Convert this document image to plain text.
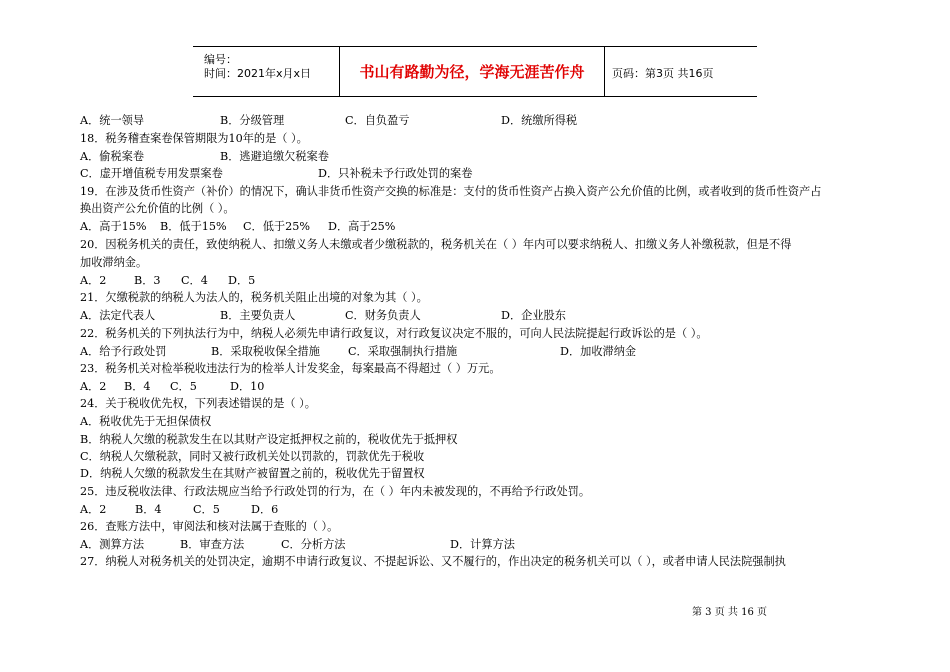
编号：
时间：2021年x月x日	书山有路勤为径，学海无涯苦作舟	页码：第3页 共16页
A．统一领导	B．分级管理	C．自负盈亏	D．统缴所得税
18．税务稽查案卷保管期限为10年的是（ ）。
A．偷税案卷	B．逃避追缴欠税案卷
C．虚开增值税专用发票案卷	D．只补税未予行政处罚的案卷
19．在涉及货币性资产（补价）的情况下，确认非货币性资产交换的标准是：支付的货币性资产占换入资产公允价值的比例，或者收到的货币性资产占
换出资产公允价值的比例（ ）。
A．高于15% B．低于15% C．低于25% D．高于25%
20．因税务机关的责任，致使纳税人、扣缴义务人未缴或者少缴税款的，税务机关在（ ）年内可以要求纳税人、扣缴义务人补缴税款，但是不得
加收滞纳金。
A．2 B．3 C．4 D．5
21．欠缴税款的纳税人为法人的，税务机关阻止出境的对象为其（ ）。
A．法定代表人	B．主要负责人	C．财务负责人	D．企业股东
22．税务机关的下列执法行为中，纳税人必须先申请行政复议，对行政复议决定不服的，可向人民法院提起行政诉讼的是（ ）。
A．给予行政处罚	B．采取税收保全措施	C．采取强制执行措施	D．加收滞纳金
23．税务机关对检举税收违法行为的检举人计发奖金，每案最高不得超过（ ）万元。
A．2 B．4 C．5	D．10
24．关于税收优先权，下列表述错误的是（ ）。
A．税收优先于无担保债权
B．纳税人欠缴的税款发生在以其财产设定抵押权之前的，税收优先于抵押权
C．纳税人欠缴税款，同时又被行政机关处以罚款的，罚款优先于税收
D．纳税人欠缴的税款发生在其财产被留置之前的，税收优先于留置权
25．违反税收法律、行政法规应当给予行政处罚的行为，在（ ）年内未被发现的，不再给予行政处罚。
A．2	B．4	C．5	D．6
26．查账方法中，审阅法和核对法属于查账的（ ）。
A．测算方法	B．审查方法	C．分析方法	D．计算方法
27．纳税人对税务机关的处罚决定，逾期不申请行政复议、不提起诉讼、又不履行的，作出决定的税务机关可以（ ），或者申请人民法院强制执
第 3 页 共 16 页
